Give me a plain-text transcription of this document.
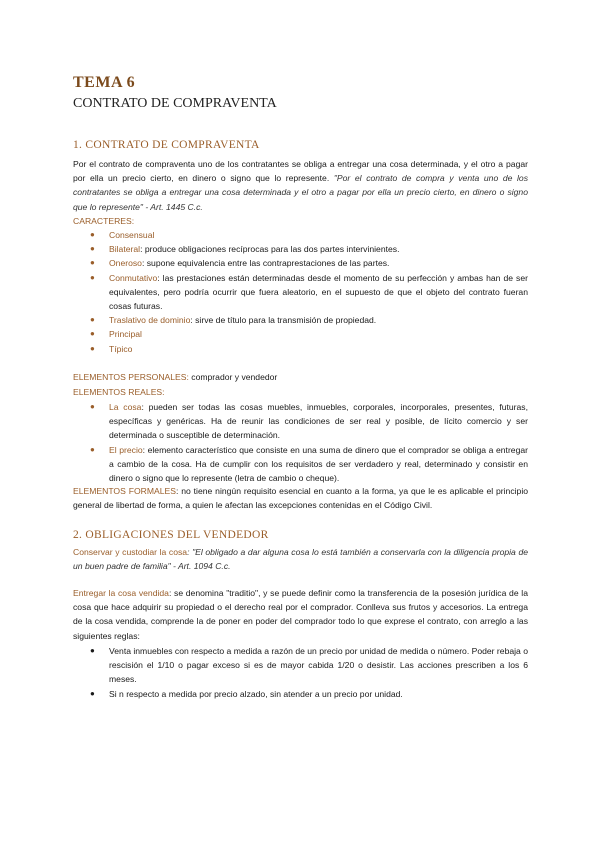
TEMA 6
CONTRATO DE COMPRAVENTA
1. CONTRATO DE COMPRAVENTA
Por el contrato de compraventa uno de los contratantes se obliga a entregar una cosa determinada, y el otro a pagar por ella un precio cierto, en dinero o signo que lo represente. "Por el contrato de compra y venta uno de los contratantes se obliga a entregar una cosa determinada y el otro a pagar por ella un precio cierto, en dinero o signo que lo represente" - Art. 1445 C.c.
CARACTERES:
● Consensual
● Bilateral: produce obligaciones recíprocas para las dos partes intervinientes.
● Oneroso: supone equivalencia entre las contraprestaciones de las partes.
● Conmutativo: las prestaciones están determinadas desde el momento de su perfección y ambas han de ser equivalentes, pero podría ocurrir que fuera aleatorio, en el supuesto de que el objeto del contrato fueran cosas futuras.
● Traslativo de dominio: sirve de título para la transmisión de propiedad.
● Principal
● Típico
ELEMENTOS PERSONALES: comprador y vendedor
ELEMENTOS REALES:
● La cosa: pueden ser todas las cosas muebles, inmuebles, corporales, incorporales, presentes, futuras, específicas y genéricas. Ha de reunir las condiciones de ser real y posible, de lícito comercio y ser determinada o susceptible de determinación.
● El precio: elemento característico que consiste en una suma de dinero que el comprador se obliga a entregar a cambio de la cosa. Ha de cumplir con los requisitos de ser verdadero y real, determinado y consistir en dinero o signo que lo represente (letra de cambio o cheque).
ELEMENTOS FORMALES: no tiene ningún requisito esencial en cuanto a la forma, ya que le es aplicable el principio general de libertad de forma, a quien le afectan las excepciones contenidas en el Código Civil.
2. OBLIGACIONES DEL VENDEDOR
Conservar y custodiar la cosa: "El obligado a dar alguna cosa lo está también a conservarla con la diligencia propia de un buen padre de familia" - Art. 1094 C.c.
Entregar la cosa vendida: se denomina "traditio", y se puede definir como la transferencia de la posesión jurídica de la cosa que hace adquirir su propiedad o el derecho real por el comprador. Conlleva sus frutos y accesorios. La entrega de la cosa vendida, comprende la de poner en poder del comprador todo lo que exprese el contrato, con arreglo a las siguientes reglas:
● Venta inmuebles con respecto a medida a razón de un precio por unidad de medida o número. Poder rebaja o rescisión el 1/10 o pagar exceso si es de mayor cabida 1/20 o desistir. Las acciones prescriben a los 6 meses.
● Si n respecto a medida por precio alzado, sin atender a un precio por unidad.
